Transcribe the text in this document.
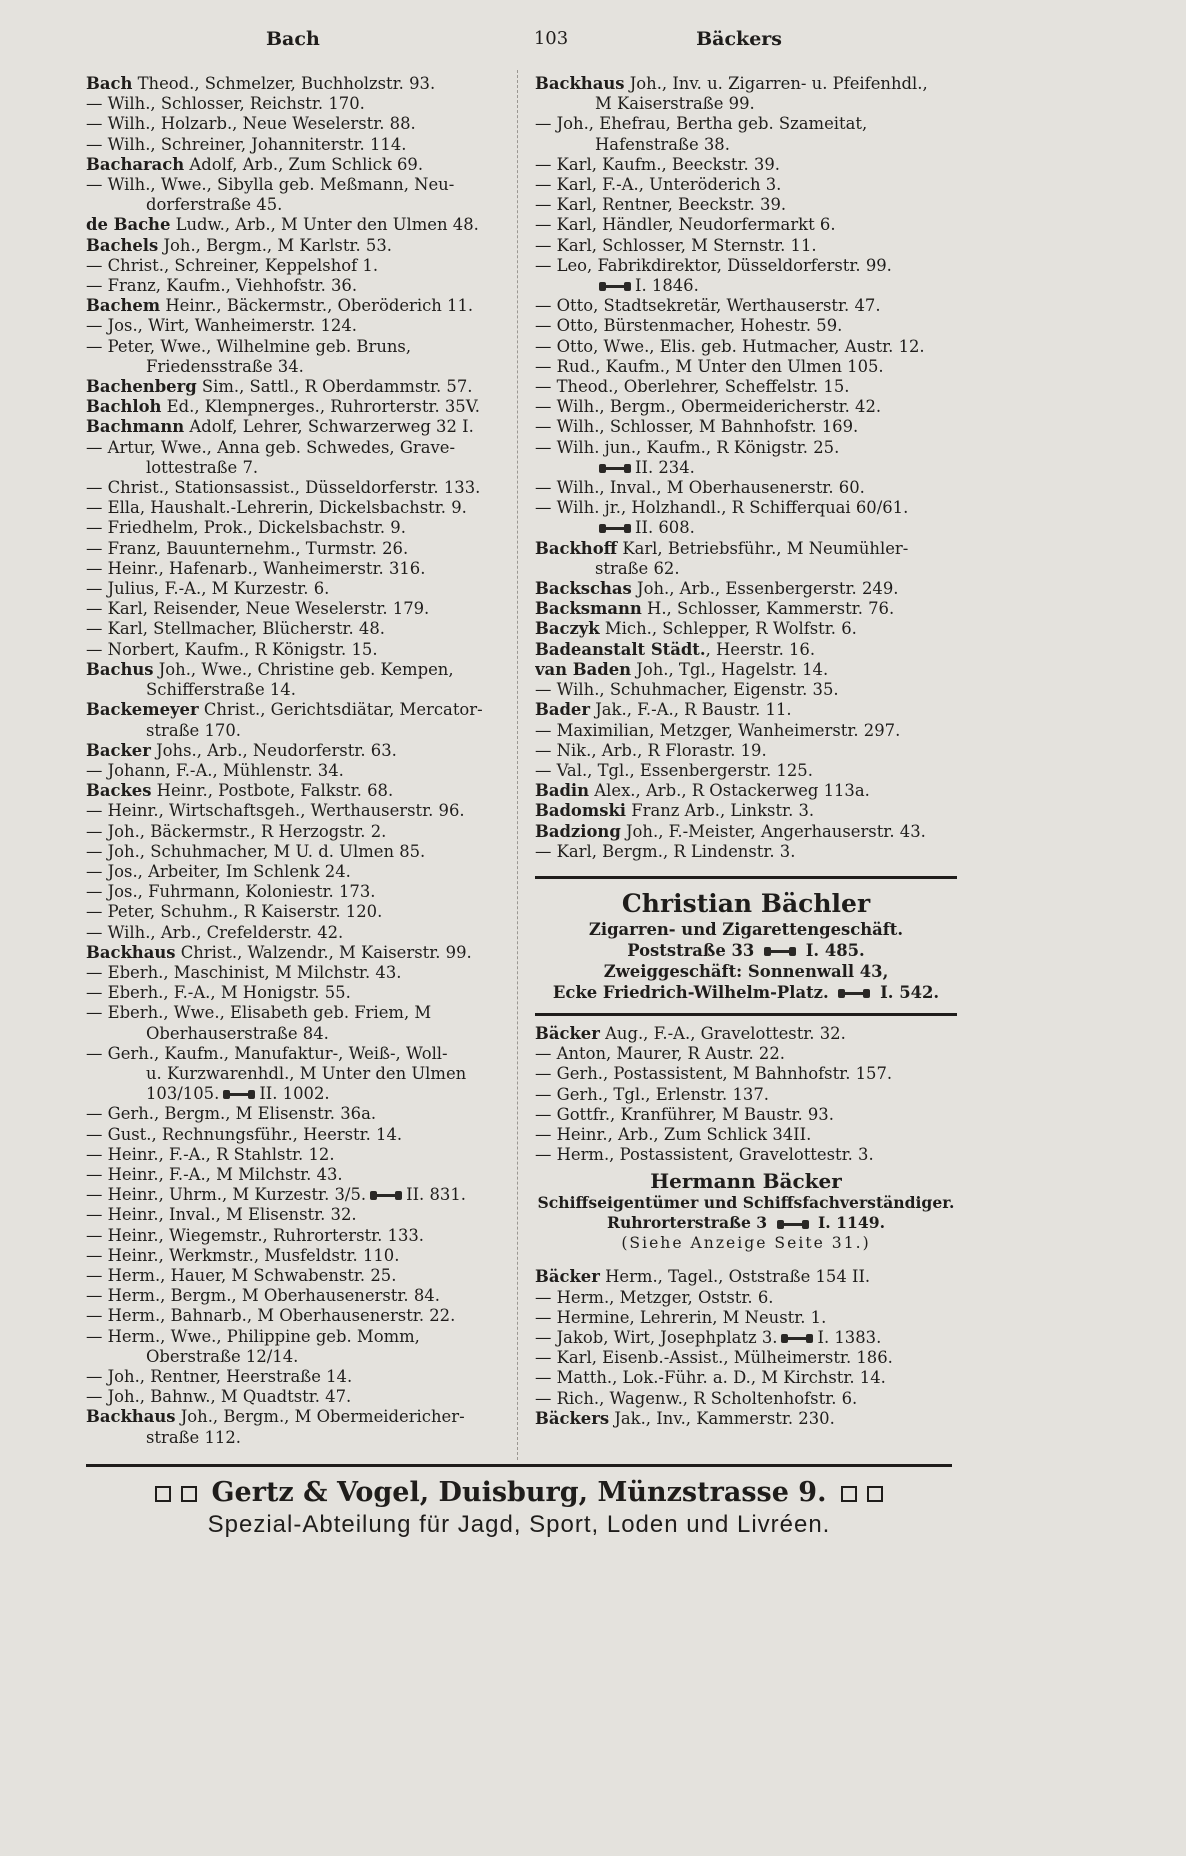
Bach	103	Bäckers
Bach Theod., Schmelzer, Buchholzstr. 93.
— Wilh., Schlosser, Reichstr. 170.
— Wilh., Holzarb., Neue Weselerstr. 88.
— Wilh., Schreiner, Johanniterstr. 114.
Bacharach Adolf, Arb., Zum Schlick 69.
— Wilh., Wwe., Sibylla geb. Meßmann, Neu-
dorferstraße 45.
de Bache Ludw., Arb., M Unter den Ulmen 48.
Bachels Joh., Bergm., M Karlstr. 53.
— Christ., Schreiner, Keppelshof 1.
— Franz, Kaufm., Viehhofstr. 36.
Bachem Heinr., Bäckermstr., Oberöderich 11.
— Jos., Wirt, Wanheimerstr. 124.
— Peter, Wwe., Wilhelmine geb. Bruns,
Friedensstraße 34.
Bachenberg Sim., Sattl., R Oberdammstr. 57.
Bachloh Ed., Klempnerges., Ruhrorterstr. 35V.
Bachmann Adolf, Lehrer, Schwarzerweg 32 I.
— Artur, Wwe., Anna geb. Schwedes, Grave-
lottestraße 7.
— Christ., Stationsassist., Düsseldorferstr. 133.
— Ella, Haushalt.-Lehrerin, Dickelsbachstr. 9.
— Friedhelm, Prok., Dickelsbachstr. 9.
— Franz, Bauunternehm., Turmstr. 26.
— Heinr., Hafenarb., Wanheimerstr. 316.
— Julius, F.-A., M Kurzestr. 6.
— Karl, Reisender, Neue Weselerstr. 179.
— Karl, Stellmacher, Blücherstr. 48.
— Norbert, Kaufm., R Königstr. 15.
Bachus Joh., Wwe., Christine geb. Kempen,
Schifferstraße 14.
Backemeyer Christ., Gerichtsdiätar, Mercator-
straße 170.
Backer Johs., Arb., Neudorferstr. 63.
— Johann, F.-A., Mühlenstr. 34.
Backes Heinr., Postbote, Falkstr. 68.
— Heinr., Wirtschaftsgeh., Werthauserstr. 96.
— Joh., Bäckermstr., R Herzogstr. 2.
— Joh., Schuhmacher, M U. d. Ulmen 85.
— Jos., Arbeiter, Im Schlenk 24.
— Jos., Fuhrmann, Koloniestr. 173.
— Peter, Schuhm., R Kaiserstr. 120.
— Wilh., Arb., Crefelderstr. 42.
Backhaus Christ., Walzendr., M Kaiserstr. 99.
— Eberh., Maschinist, M Milchstr. 43.
— Eberh., F.-A., M Honigstr. 55.
— Eberh., Wwe., Elisabeth geb. Friem, M
Oberhauserstraße 84.
— Gerh., Kaufm., Manufaktur-, Weiß-, Woll-
u. Kurzwarenhdl., M Unter den Ulmen
103/105. II. 1002.
— Gerh., Bergm., M Elisenstr. 36a.
— Gust., Rechnungsführ., Heerstr. 14.
— Heinr., F.-A., R Stahlstr. 12.
— Heinr., F.-A., M Milchstr. 43.
— Heinr., Uhrm., M Kurzestr. 3/5. II. 831.
— Heinr., Inval., M Elisenstr. 32.
— Heinr., Wiegemstr., Ruhrorterstr. 133.
— Heinr., Werkmstr., Musfeldstr. 110.
— Herm., Hauer, M Schwabenstr. 25.
— Herm., Bergm., M Oberhausenerstr. 84.
— Herm., Bahnarb., M Oberhausenerstr. 22.
— Herm., Wwe., Philippine geb. Momm,
Oberstraße 12/14.
— Joh., Rentner, Heerstraße 14.
— Joh., Bahnw., M Quadtstr. 47.
Backhaus Joh., Bergm., M Obermeidericher-
straße 112.
Backhaus Joh., Inv. u. Zigarren- u. Pfeifenhdl.,
M Kaiserstraße 99.
— Joh., Ehefrau, Bertha geb. Szameitat,
Hafenstraße 38.
— Karl, Kaufm., Beeckstr. 39.
— Karl, F.-A., Unteröderich 3.
— Karl, Rentner, Beeckstr. 39.
— Karl, Händler, Neudorfermarkt 6.
— Karl, Schlosser, M Sternstr. 11.
— Leo, Fabrikdirektor, Düsseldorferstr. 99.
I. 1846.
— Otto, Stadtsekretär, Werthauserstr. 47.
— Otto, Bürstenmacher, Hohestr. 59.
— Otto, Wwe., Elis. geb. Hutmacher, Austr. 12.
— Rud., Kaufm., M Unter den Ulmen 105.
— Theod., Oberlehrer, Scheffelstr. 15.
— Wilh., Bergm., Obermeidericherstr. 42.
— Wilh., Schlosser, M Bahnhofstr. 169.
— Wilh. jun., Kaufm., R Königstr. 25.
II. 234.
— Wilh., Inval., M Oberhausenerstr. 60.
— Wilh. jr., Holzhandl., R Schifferquai 60/61.
II. 608.
Backhoff Karl, Betriebsführ., M Neumühler-
straße 62.
Backschas Joh., Arb., Essenbergerstr. 249.
Backsmann H., Schlosser, Kammerstr. 76.
Baczyk Mich., Schlepper, R Wolfstr. 6.
Badeanstalt Städt., Heerstr. 16.
van Baden Joh., Tgl., Hagelstr. 14.
— Wilh., Schuhmacher, Eigenstr. 35.
Bader Jak., F.-A., R Baustr. 11.
— Maximilian, Metzger, Wanheimerstr. 297.
— Nik., Arb., R Florastr. 19.
— Val., Tgl., Essenbergerstr. 125.
Badin Alex., Arb., R Ostackerweg 113a.
Badomski Franz Arb., Linkstr. 3.
Badziong Joh., F.-Meister, Angerhauserstr. 43.
— Karl, Bergm., R Lindenstr. 3.
Christian Bächler
Zigarren- und Zigarettengeschäft.
Poststraße 33	I. 485.
Zweiggeschäft: Sonnenwall 43,
Ecke Friedrich-Wilhelm-Platz.	I. 542.
Bäcker Aug., F.-A., Gravelottestr. 32.
— Anton, Maurer, R Austr. 22.
— Gerh., Postassistent, M Bahnhofstr. 157.
— Gerh., Tgl., Erlenstr. 137.
— Gottfr., Kranführer, M Baustr. 93.
— Heinr., Arb., Zum Schlick 34II.
— Herm., Postassistent, Gravelottestr. 3.
Hermann Bäcker
Schiffseigentümer und Schiffsfachverständiger.
Ruhrorterstraße 3	I. 1149.
(Siehe Anzeige Seite 31.)
Bäcker Herm., Tagel., Oststraße 154 II.
— Herm., Metzger, Oststr. 6.
— Hermine, Lehrerin, M Neustr. 1.
— Jakob, Wirt, Josephplatz 3. I. 1383.
— Karl, Eisenb.-Assist., Mülheimerstr. 186.
— Matth., Lok.-Führ. a. D., M Kirchstr. 14.
— Rich., Wagenw., R Scholtenhofstr. 6.
Bäckers Jak., Inv., Kammerstr. 230.
Gertz & Vogel, Duisburg, Münzstrasse 9.
Spezial-Abteilung für Jagd, Sport, Loden und Livréen.
